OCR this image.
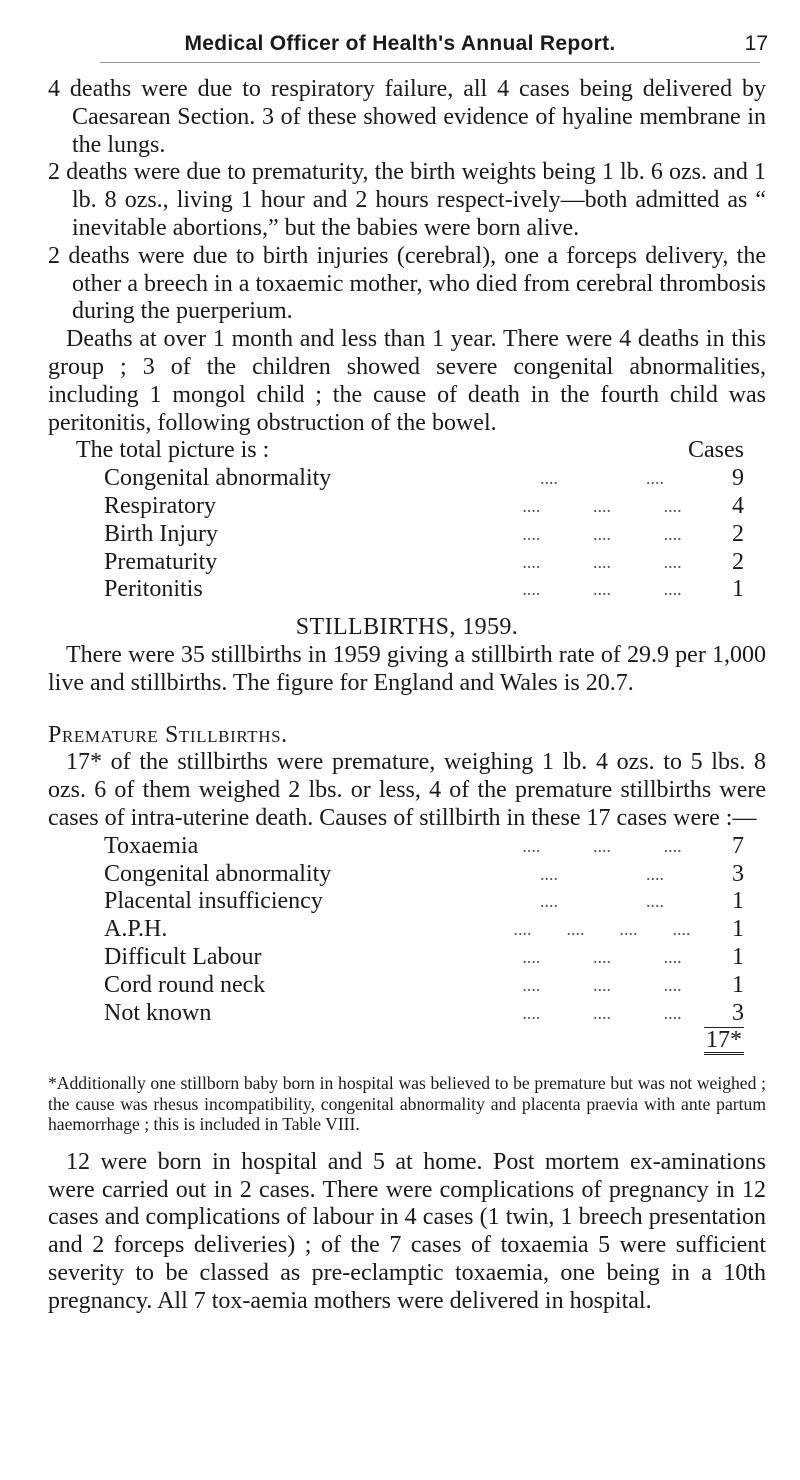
Medical Officer of Health's Annual Report.	17

4 deaths were due to respiratory failure, all 4 cases being delivered by Caesarean Section. 3 of these showed evidence of hyaline membrane in the lungs.

2 deaths were due to prematurity, the birth weights being 1 lb. 6 ozs. and 1 lb. 8 ozs., living 1 hour and 2 hours respect-ively—both admitted as “ inevitable abortions,” but the babies were born alive.

2 deaths were due to birth injuries (cerebral), one a forceps delivery, the other a breech in a toxaemic mother, who died from cerebral thrombosis during the puerperium.

Deaths at over 1 month and less than 1 year. There were 4 deaths in this group ; 3 of the children showed severe congenital abnormalities, including 1 mongol child ; the cause of death in the fourth child was peritonitis, following obstruction of the bowel.

The total picture is :	Cases
Congenital abnormality	....	....	9
Respiratory	....	....	....	4
Birth Injury	....	....	....	2
Prematurity	....	....	....	2
Peritonitis	....	....	....	1

STILLBIRTHS, 1959.

There were 35 stillbirths in 1959 giving a stillbirth rate of 29.9 per 1,000 live and stillbirths. The figure for England and Wales is 20.7.

Premature Stillbirths.

17* of the stillbirths were premature, weighing 1 lb. 4 ozs. to 5 lbs. 8 ozs. 6 of them weighed 2 lbs. or less, 4 of the premature stillbirths were cases of intra-uterine death. Causes of stillbirth in these 17 cases were :—

Toxaemia	....	....	....	7
Congenital abnormality	....	....	3
Placental insufficiency	....	....	1
A.P.H.	.... .... .... ....	1
Difficult Labour	....	....	....	1
Cord round neck	....	....	....	1
Not known	....	....	....	3
17*

*Additionally one stillborn baby born in hospital was believed to be premature but was not weighed ; the cause was rhesus incompatibility, congenital abnormality and placenta praevia with ante partum haemorrhage ; this is included in Table VIII.

12 were born in hospital and 5 at home. Post mortem ex-aminations were carried out in 2 cases. There were complications of pregnancy in 12 cases and complications of labour in 4 cases (1 twin, 1 breech presentation and 2 forceps deliveries) ; of the 7 cases of toxaemia 5 were sufficient severity to be classed as pre-eclamptic toxaemia, one being in a 10th pregnancy. All 7 tox-aemia mothers were delivered in hospital.
